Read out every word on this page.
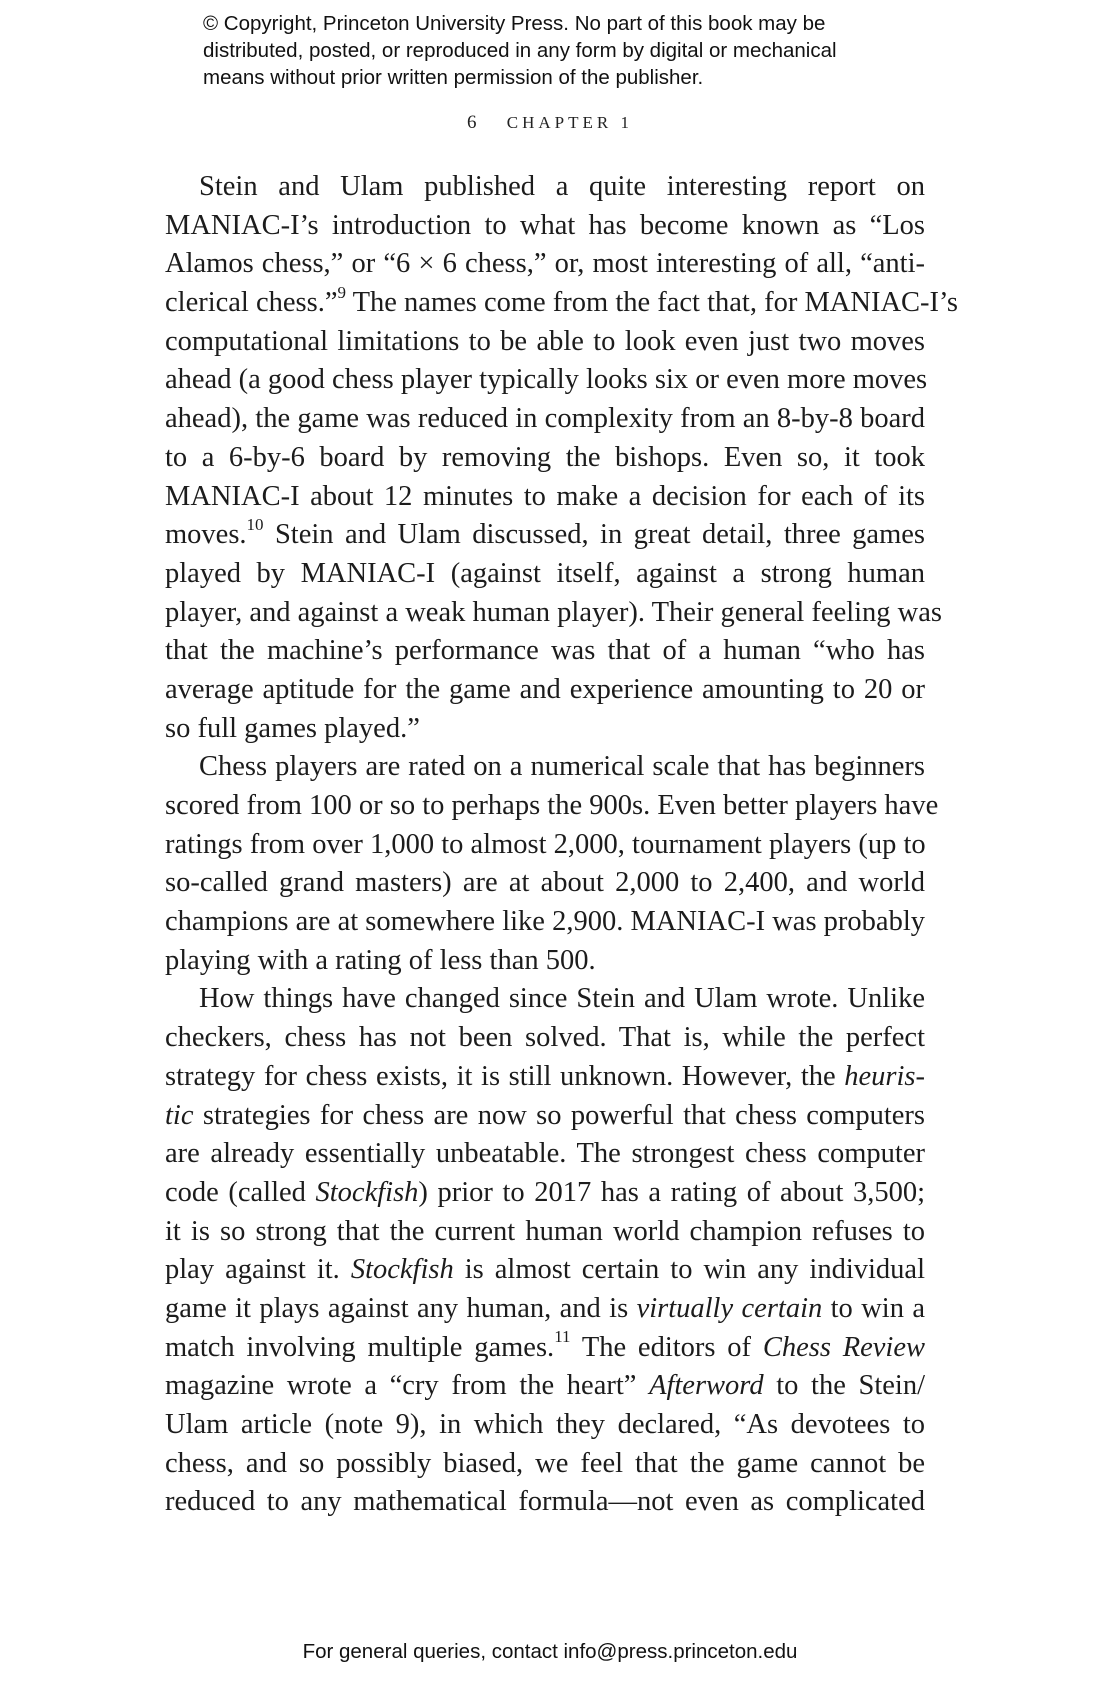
© Copyright, Princeton University Press. No part of this book may be
distributed, posted, or reproduced in any form by digital or mechanical
means without prior written permission of the publisher.
6 CHAPTER 1
Stein and Ulam published a quite interesting report on
MANIAC-I’s introduction to what has become known as “Los
Alamos chess,” or “6 × 6 chess,” or, most interesting of all, “anti-
clerical chess.”$^9$ The names come from the fact that, for MANIAC-I’s
computational limitations to be able to look even just two moves
ahead (a good chess player typically looks six or even more moves
ahead), the game was reduced in complexity from an 8-by-8 board
to a 6-by-6 board by removing the bishops. Even so, it took
MANIAC-I about 12 minutes to make a decision for each of its
moves.$^{10}$ Stein and Ulam discussed, in great detail, three games
played by MANIAC-I (against itself, against a strong human
player, and against a weak human player). Their general feeling was
that the machine’s performance was that of a human “who has
average aptitude for the game and experience amounting to 20 or
so full games played.”
Chess players are rated on a numerical scale that has beginners
scored from 100 or so to perhaps the 900s. Even better players have
ratings from over 1,000 to almost 2,000, tournament players (up to
so-called grand masters) are at about 2,000 to 2,400, and world
champions are at somewhere like 2,900. MANIAC-I was probably
playing with a rating of less than 500.
How things have changed since Stein and Ulam wrote. Unlike
checkers, chess has not been solved. That is, while the perfect
strategy for chess exists, it is still unknown. However, the heuris-
tic strategies for chess are now so powerful that chess computers
are already essentially unbeatable. The strongest chess computer
code (called Stockfish) prior to 2017 has a rating of about 3,500;
it is so strong that the current human world champion refuses to
play against it. Stockfish is almost certain to win any individual
game it plays against any human, and is virtually certain to win a
match involving multiple games.$^{11}$ The editors of Chess Review
magazine wrote a “cry from the heart” Afterword to the Stein/
Ulam article (note 9), in which they declared, “As devotees to
chess, and so possibly biased, we feel that the game cannot be
reduced to any mathematical formula—not even as complicated
For general queries, contact info@press.princeton.edu
